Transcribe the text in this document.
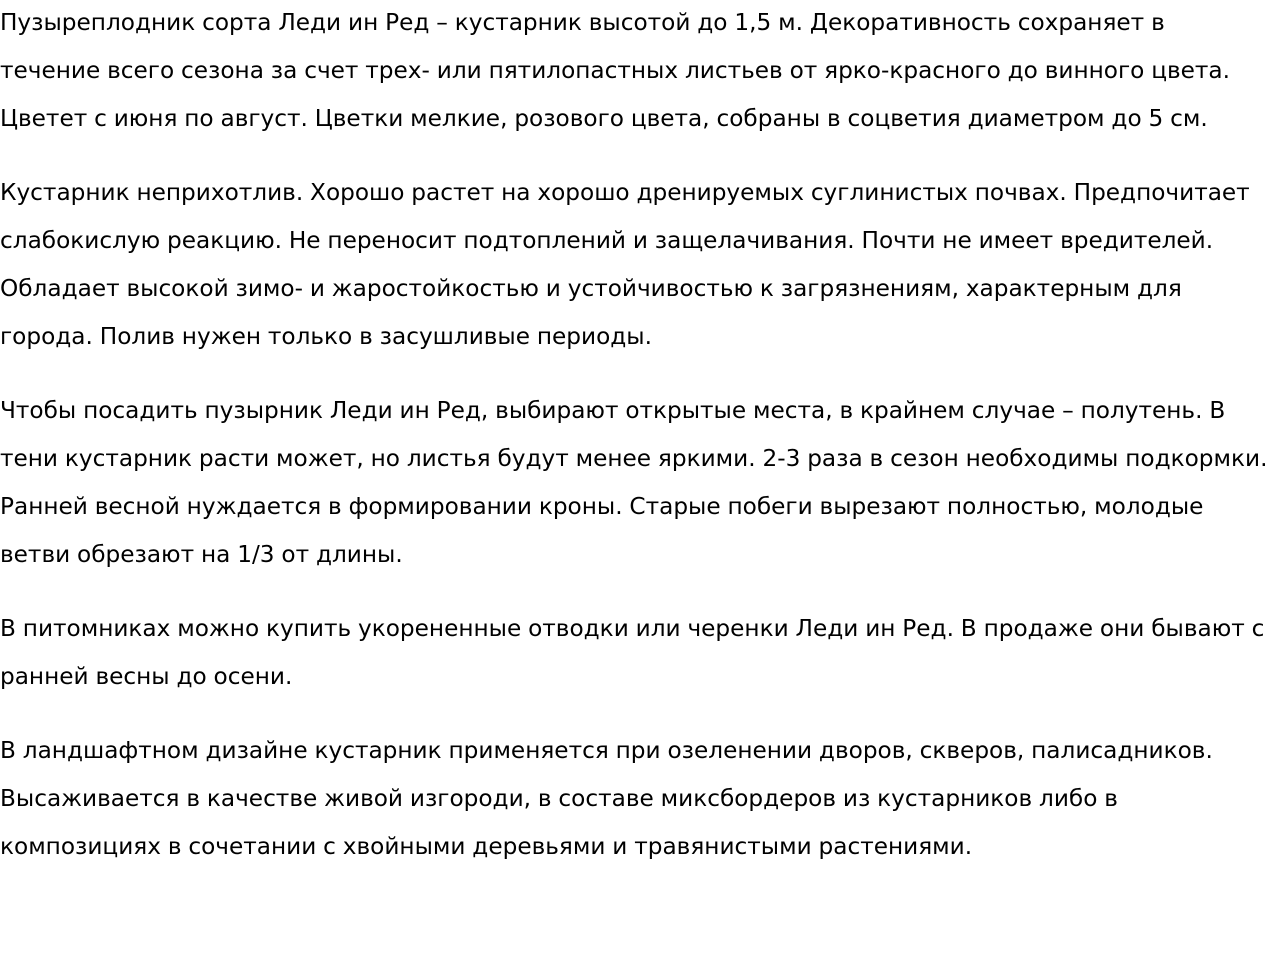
Пузыреплодник сорта Леди ин Ред – кустарник высотой до 1,5 м. Декоративность сохраняет в течение всего сезона за счет трех- или пятилопастных листьев от ярко-красного до винного цвета. Цветет с июня по август. Цветки мелкие, розового цвета, собраны в соцветия диаметром до 5 см.

Кустарник неприхотлив. Хорошо растет на хорошо дренируемых суглинистых почвах. Предпочитает слабокислую реакцию. Не переносит подтоплений и защелачивания. Почти не имеет вредителей. Обладает высокой зимо- и жаростойкостью и устойчивостью к загрязнениям, характерным для города. Полив нужен только в засушливые периоды.

Чтобы посадить пузырник Леди ин Ред, выбирают открытые места, в крайнем случае – полутень. В тени кустарник расти может, но листья будут менее яркими. 2-3 раза в сезон необходимы подкормки. Ранней весной нуждается в формировании кроны. Старые побеги вырезают полностью, молодые ветви обрезают на 1/3 от длины.

В питомниках можно купить укорененные отводки или черенки Леди ин Ред. В продаже они бывают с ранней весны до осени.

В ландшафтном дизайне кустарник применяется при озеленении дворов, скверов, палисадников. Высаживается в качестве живой изгороди, в составе миксбордеров из кустарников либо в композициях в сочетании с хвойными деревьями и травянистыми растениями.
